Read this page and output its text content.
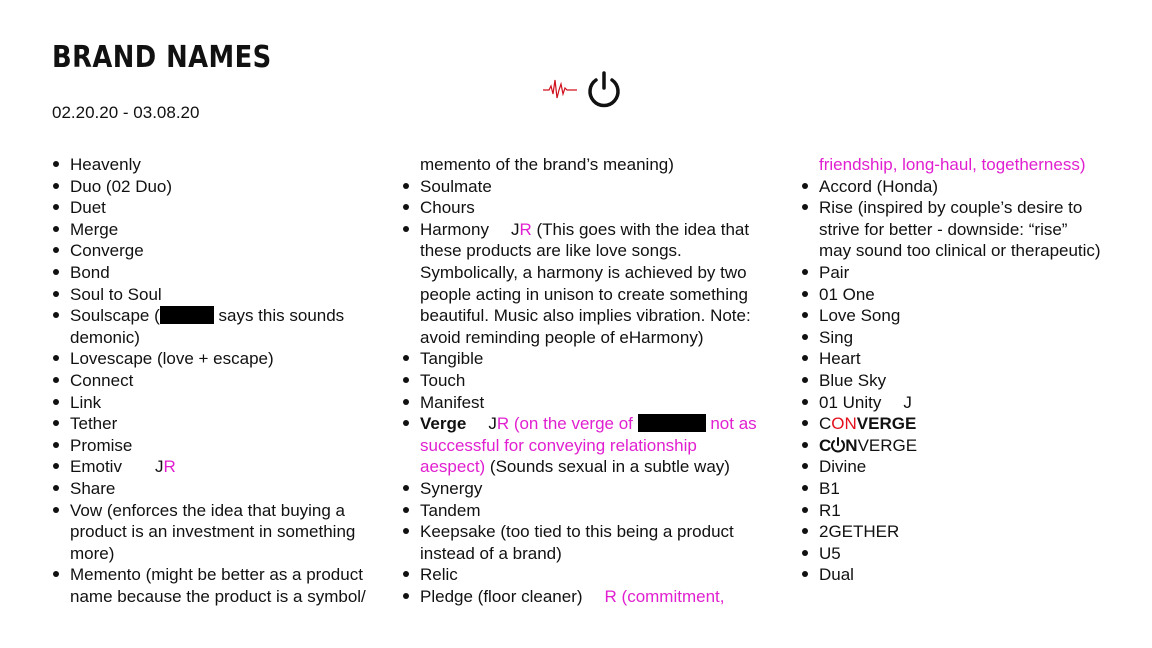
BRAND NAMES
02.20.20 - 03.08.20
Heavenly
Duo (02 Duo)
Duet
Merge
Converge
Bond
Soul to Soul
Soulscape (	says this sounds demonic)
Lovescape (love + escape)
Connect
Link
Tether
Promise
Emotiv JR
Share
Vow (enforces the idea that buying a product is an investment in something more)
Memento (might be better as a product name because the product is a symbol/
memento of the brand’s meaning)
Soulmate
Chours
Harmony JR (This goes with the idea that these products are like love songs. Symbolically, a harmony is achieved by two people acting in unison to create something beautiful. Music also implies vibration. Note: avoid reminding people of eHarmony)
Tangible
Touch
Manifest
Verge JR (on the verge of	not as successful for conveying relationship aespect) (Sounds sexual in a subtle way)
Synergy
Tandem
Keepsake (too tied to this being a product instead of a brand)
Relic
Pledge (floor cleaner) R (commitment,
friendship, long-haul, togetherness)
Accord (Honda)
Rise (inspired by couple’s desire to strive for better - downside: “rise” may sound too clinical or therapeutic)
Pair
01 One
Love Song
Sing
Heart
Blue Sky
01 Unity J
CONVERGE
C NVERGE
Divine
B1
R1
2GETHER
U5
Dual
